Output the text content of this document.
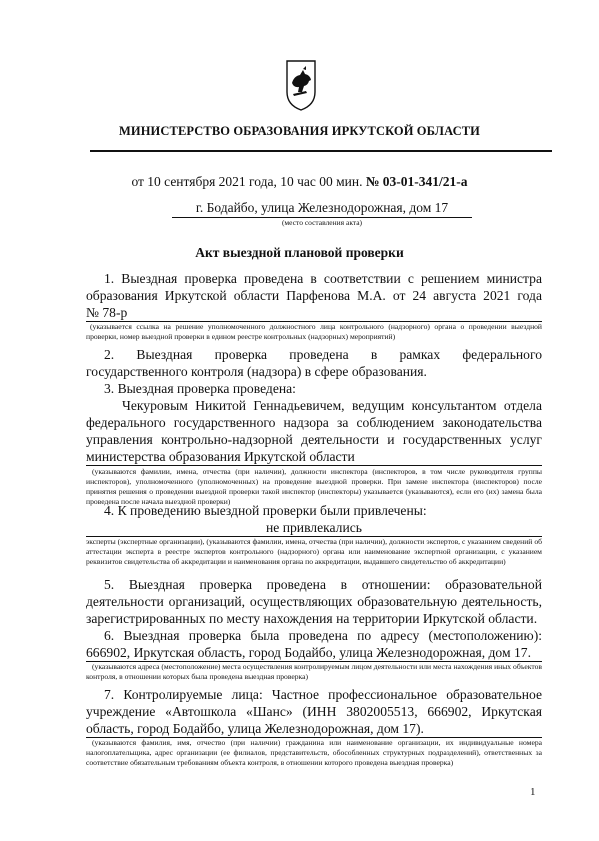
МИНИСТЕРСТВО ОБРАЗОВАНИЯ ИРКУТСКОЙ ОБЛАСТИ
от 10 сентября 2021 года, 10 час 00 мин. № 03-01-341/21-а
г. Бодайбо, улица Железнодорожная, дом 17
(место составления акта)
Акт выездной плановой проверки
1. Выездная проверка проведена в соответствии с решением министра
образования Иркутской области Парфенова М.А. от 24 августа 2021 года
№ 78-р
(указывается ссылка на решение уполномоченного должностного лица контрольного (надзорного) органа о проведении выездной проверки, номер выездной проверки в едином реестре контрольных (надзорных) мероприятий)
2. Выездная проверка проведена в рамках федерального
государственного контроля (надзора) в сфере образования.
3. Выездная проверка проведена:
Чекуровым Никитой Геннадьевичем, ведущим консультантом отдела
федерального государственного надзора за соблюдением законодательства
управления контрольно-надзорной деятельности и государственных услуг
министерства образования Иркутской области
(указываются фамилии, имена, отчества (при наличии), должности инспектора (инспекторов, в том числе руководителя группы инспекторов), уполномоченного (уполномоченных) на проведение выездной проверки. При замене инспектора (инспекторов) после принятия решения о проведении выездной проверки такой инспектор (инспекторы) указывается (указываются), если его (их) замена была проведена после начала выездной проверки)
4. К проведению выездной проверки были привлечены:
не привлекались
эксперты (экспертные организации), (указываются фамилии, имена, отчества (при наличии), должности экспертов, с указанием сведений об аттестации эксперта в реестре экспертов контрольного (надзорного) органа или наименование экспертной организации, с указанием реквизитов свидетельства об аккредитации и наименования органа по аккредитации, выдавшего свидетельство об аккредитации)
5. Выездная проверка проведена в отношении: образовательной
деятельности организаций, осуществляющих образовательную деятельность,
зарегистрированных по месту нахождения на территории Иркутской области.
6. Выездная проверка была проведена по адресу (местоположению):
666902, Иркутская область, город Бодайбо, улица Железнодорожная, дом 17.
(указываются адреса (местоположение) места осуществления контролируемым лицом деятельности или места нахождения иных объектов контроля, в отношении которых была проведена выездная проверка)
7. Контролируемые лица: Частное профессиональное образовательное
учреждение «Автошкола «Шанс» (ИНН 3802005513, 666902, Иркутская
область, город Бодайбо, улица Железнодорожная, дом 17).
(указываются фамилия, имя, отчество (при наличии) гражданина или наименование организации, их индивидуальные номера налогоплательщика, адрес организации (ее филиалов, представительств, обособленных структурных подразделений), ответственных за соответствие обязательным требованиям объекта контроля, в отношении которого проведена выездная проверка)
1
